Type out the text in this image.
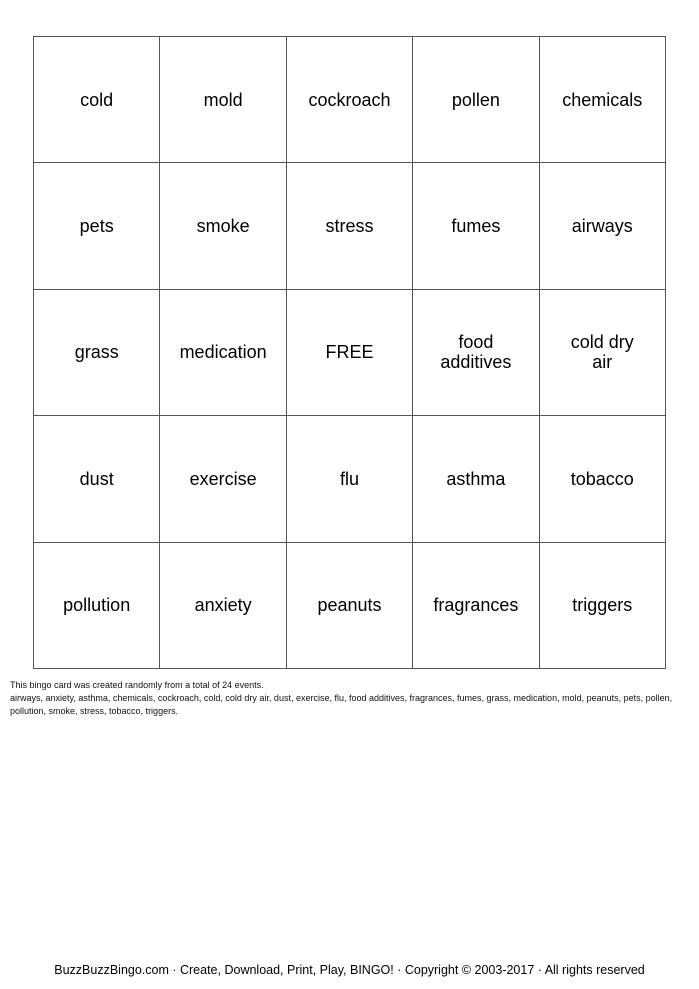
cold	mold	cockroach	pollen	chemicals
pets	smoke	stress	fumes	airways
grass	medication	FREE	food additives	cold dry air
dust	exercise	flu	asthma	tobacco
pollution	anxiety	peanuts	fragrances	triggers
This bingo card was created randomly from a total of 24 events.
airways, anxiety, asthma, chemicals, cockroach, cold, cold dry air, dust, exercise, flu, food additives, fragrances, fumes, grass, medication, mold, peanuts, pets, pollen, pollution, smoke, stress, tobacco, triggers.
BuzzBuzzBingo.com · Create, Download, Print, Play, BINGO! · Copyright © 2003-2017 · All rights reserved
